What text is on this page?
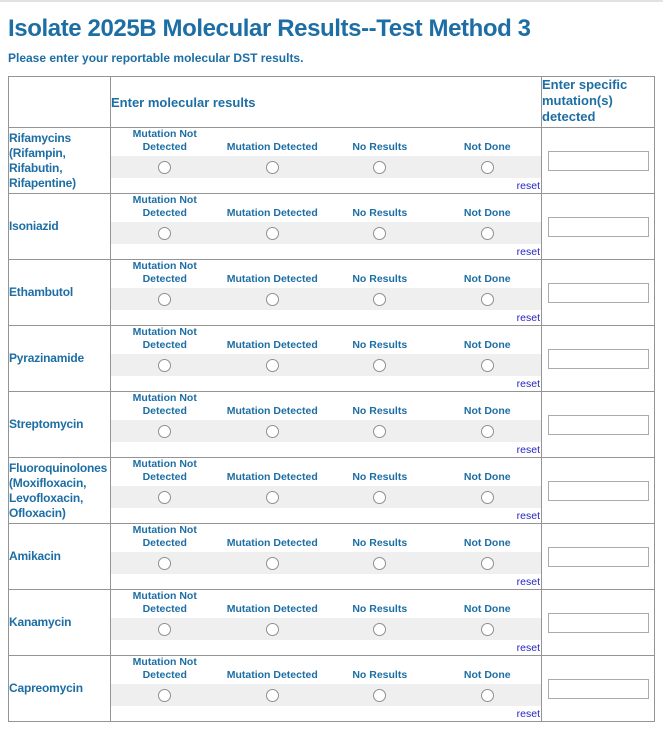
Isolate 2025B Molecular Results--Test Method 3
Please enter your reportable molecular DST results.
	Enter molecular results	Enter specific mutation(s) detected
Rifamycins (Rifampin, Rifabutin, Rifapentine)	Mutation Not Detected Mutation Detected No Results Not Done
reset

Isoniazid	Mutation Not Detected Mutation Detected No Results Not Done
reset

Ethambutol	Mutation Not Detected Mutation Detected No Results Not Done
reset

Pyrazinamide	Mutation Not Detected Mutation Detected No Results Not Done
reset

Streptomycin	Mutation Not Detected Mutation Detected No Results Not Done
reset

Fluoroquinolones (Moxifloxacin, Levofloxacin, Ofloxacin)	Mutation Not Detected Mutation Detected No Results Not Done
reset

Amikacin	Mutation Not Detected Mutation Detected No Results Not Done
reset

Kanamycin	Mutation Not Detected Mutation Detected No Results Not Done
reset

Capreomycin	Mutation Not Detected Mutation Detected No Results Not Done
reset
